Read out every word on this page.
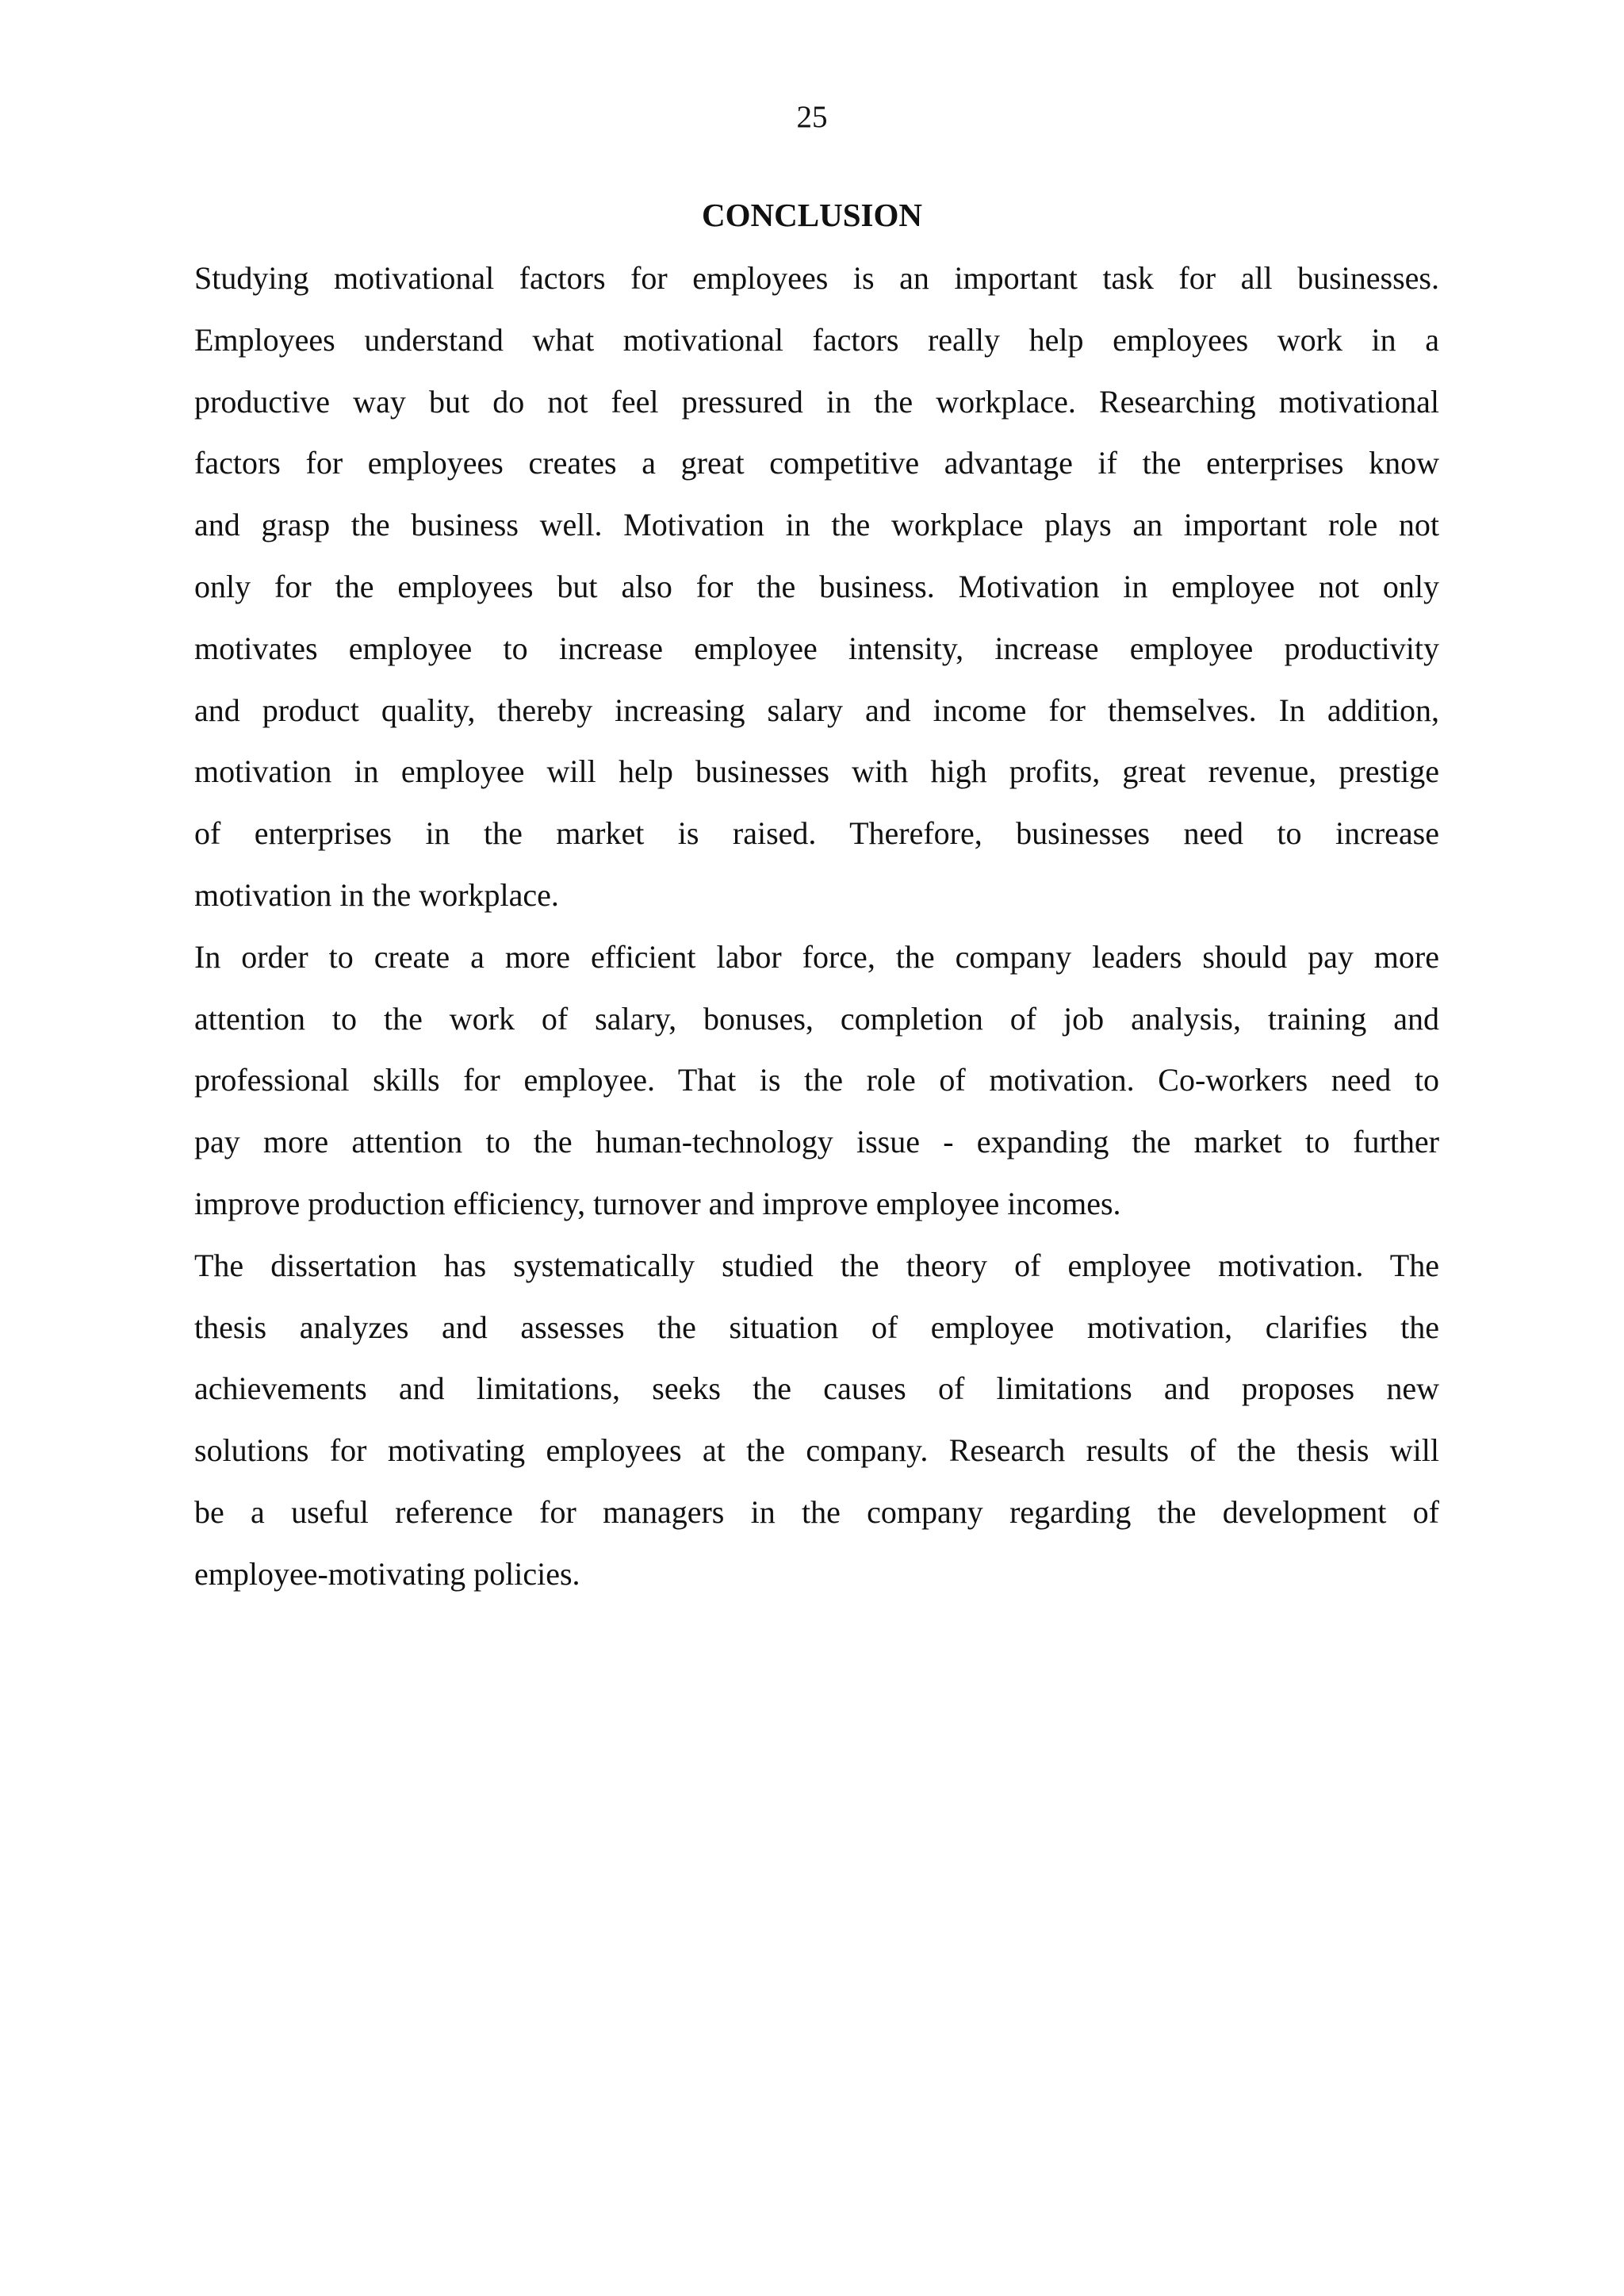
25
CONCLUSION
Studying motivational factors for employees is an important task for all businesses.
Employees understand what motivational factors really help employees work in a
productive way but do not feel pressured in the workplace. Researching motivational
factors for employees creates a great competitive advantage if the enterprises know
and grasp the business well. Motivation in the workplace plays an important role not
only for the employees but also for the business. Motivation in employee not only
motivates employee to increase employee intensity, increase employee productivity
and product quality, thereby increasing salary and income for themselves. In addition,
motivation in employee will help businesses with high profits, great revenue, prestige
of enterprises in the market is raised. Therefore, businesses need to increase
motivation in the workplace.
In order to create a more efficient labor force, the company leaders should pay more
attention to the work of salary, bonuses, completion of job analysis, training and
professional skills for employee. That is the role of motivation. Co-workers need to
pay more attention to the human-technology issue - expanding the market to further
improve production efficiency, turnover and improve employee incomes.
The dissertation has systematically studied the theory of employee motivation. The
thesis analyzes and assesses the situation of employee motivation, clarifies the
achievements and limitations, seeks the causes of limitations and proposes new
solutions for motivating employees at the company. Research results of the thesis will
be a useful reference for managers in the company regarding the development of
employee-motivating policies.
